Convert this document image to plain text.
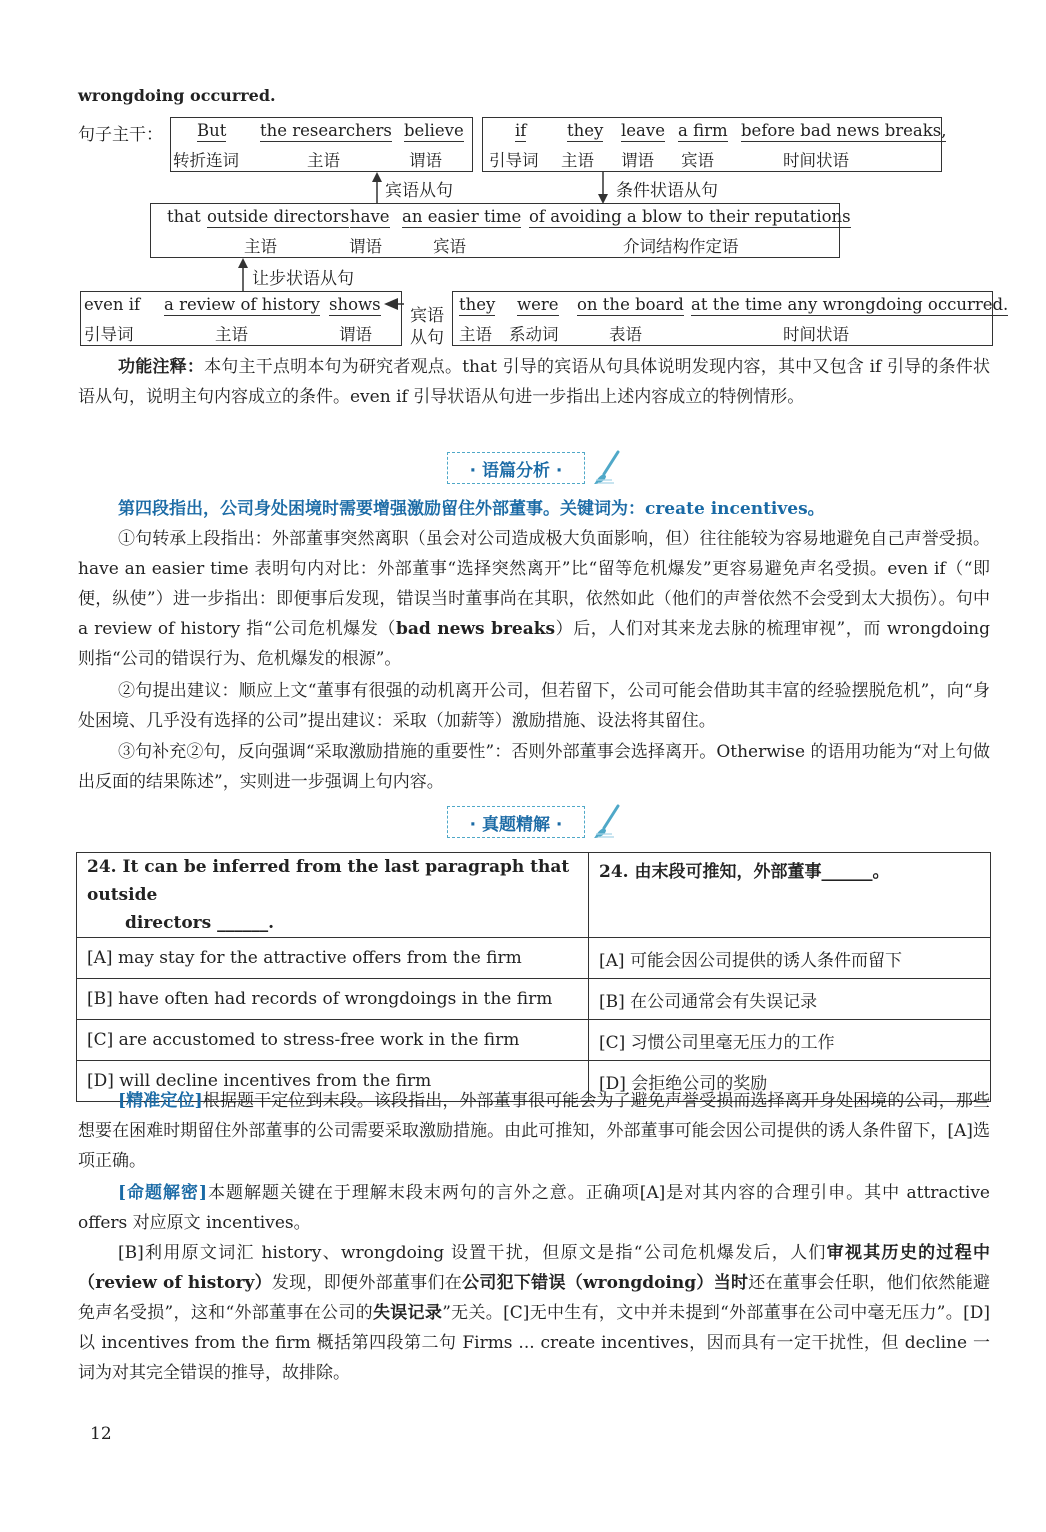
wrongdoing occurred.
句子主干： But the researchers believe
转折连词	主语	谓语
if they leave a firm before bad news breaks,
引导词 主语 谓语 宾语	时间状语
宾语从句	条件状语从句
that outside directors have an easier time of avoiding a blow to their reputations
主语	谓语	宾语	介词结构作定语
让步状语从句
even if a review of history shows
引导词	主语	谓语
宾语从句
they were on the board at the time any wrongdoing occurred.
主语 系动词	表语	时间状语
功能注释：本句主干点明本句为研究者观点。that 引导的宾语从句具体说明发现内容，其中又包含 if 引导的条件状语从句，说明主句内容成立的条件。even if 引导状语从句进一步指出上述内容成立的特例情形。
· 语篇分析 ·
第四段指出，公司身处困境时需要增强激励留住外部董事。关键词为：create incentives。
①句转承上段指出：外部董事突然离职（虽会对公司造成极大负面影响，但）往往能较为容易地避免自己声誉受损。have an easier time 表明句内对比：外部董事“选择突然离开”比“留等危机爆发”更容易避免声名受损。even if（“即便，纵使”）进一步指出：即便事后发现，错误当时董事尚在其职，依然如此（他们的声誉依然不会受到太大损伤）。句中 a review of history 指“公司危机爆发（bad news breaks）后，人们对其来龙去脉的梳理审视”，而 wrongdoing 则指“公司的错误行为、危机爆发的根源”。
②句提出建议：顺应上文“董事有很强的动机离开公司，但若留下，公司可能会借助其丰富的经验摆脱危机”，向“身处困境、几乎没有选择的公司”提出建议：采取（加薪等）激励措施、设法将其留住。
③句补充②句，反向强调“采取激励措施的重要性”：否则外部董事会选择离开。Otherwise 的语用功能为“对上句做出反面的结果陈述”，实则进一步强调上句内容。
· 真题精解 ·
24. It can be inferred from the last paragraph that outside
directors ______.	24. 由末段可推知，外部董事______。
[A] may stay for the attractive offers from the firm	[A] 可能会因公司提供的诱人条件而留下
[B] have often had records of wrongdoings in the firm	[B] 在公司通常会有失误记录
[C] are accustomed to stress-free work in the firm	[C] 习惯公司里毫无压力的工作
[D] will decline incentives from the firm	[D] 会拒绝公司的奖励
[精准定位]根据题干定位到末段。该段指出，外部董事很可能会为了避免声誉受损而选择离开身处困境的公司，那些想要在困难时期留住外部董事的公司需要采取激励措施。由此可推知，外部董事可能会因公司提供的诱人条件留下，[A]选项正确。
[命题解密]本题解题关键在于理解末段末两句的言外之意。正确项[A]是对其内容的合理引申。其中 attractive offers 对应原文 incentives。
[B]利用原文词汇 history、wrongdoing 设置干扰，但原文是指“公司危机爆发后，人们审视其历史的过程中（review of history）发现，即便外部董事们在公司犯下错误（wrongdoing）当时还在董事会任职，他们依然能避免声名受损”，这和“外部董事在公司的失误记录”无关。[C]无中生有，文中并未提到“外部董事在公司中毫无压力”。[D]以 incentives from the firm 概括第四段第二句 Firms ... create incentives，因而具有一定干扰性，但 decline 一词为对其完全错误的推导，故排除。
12
